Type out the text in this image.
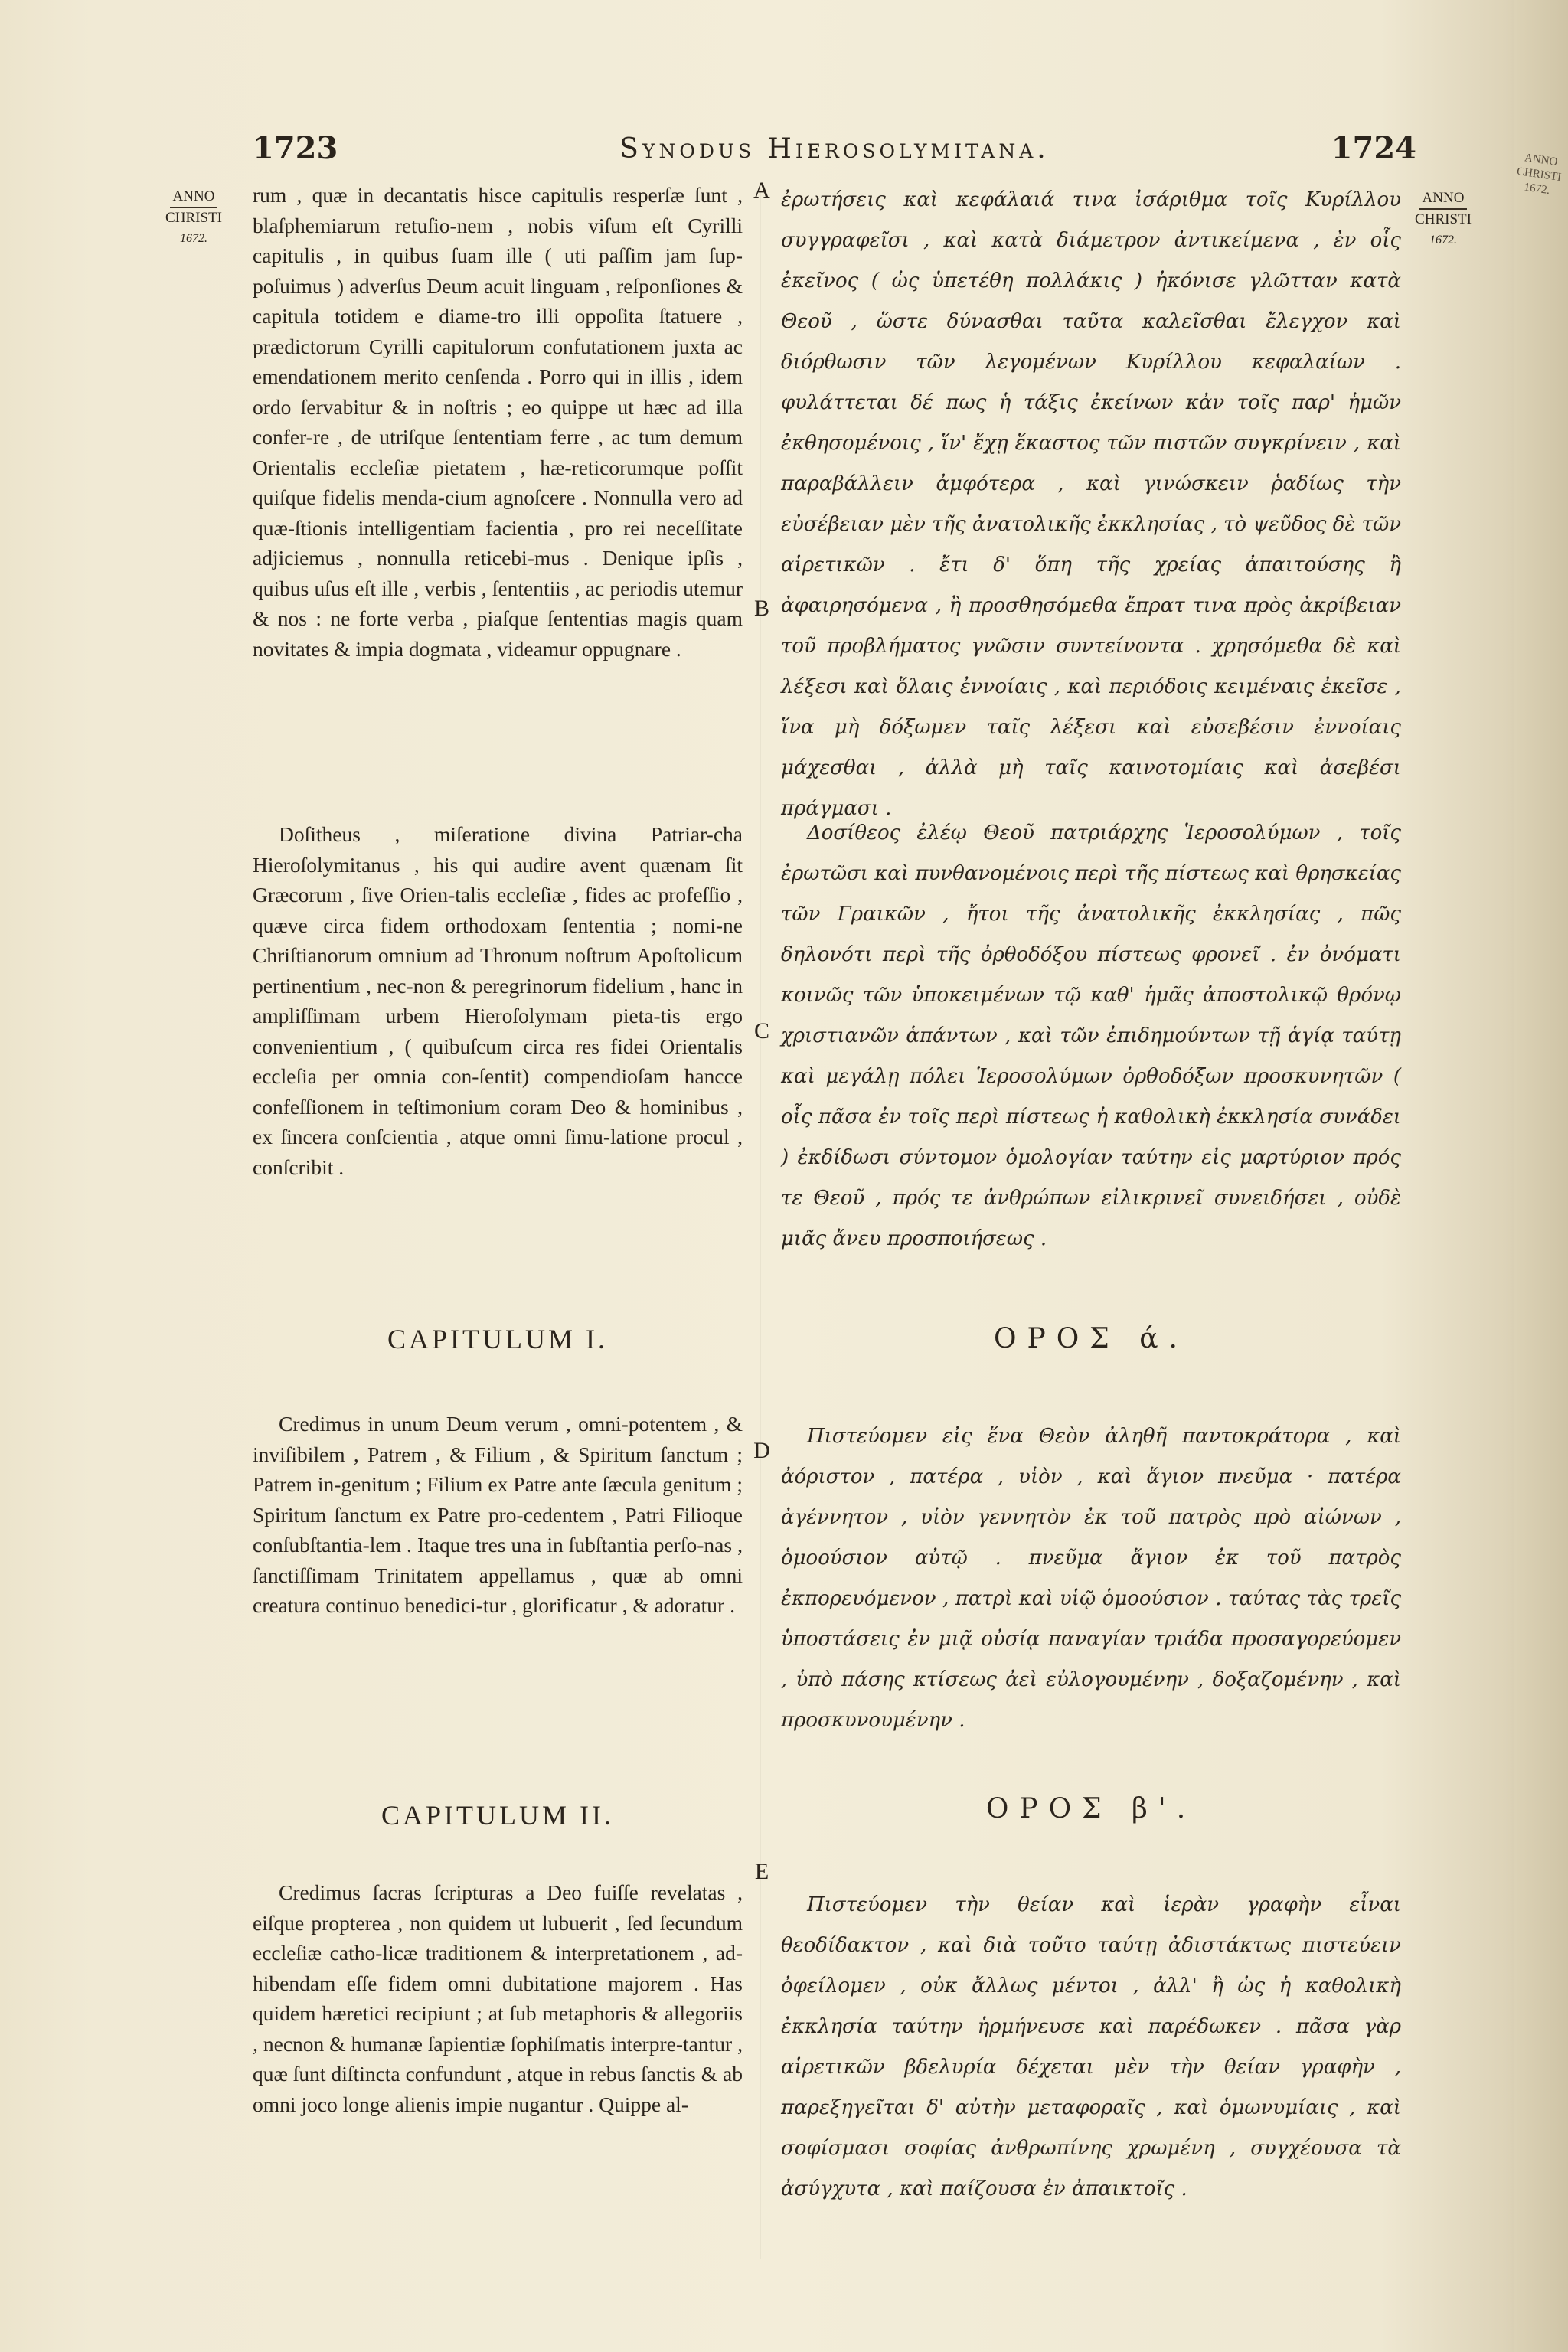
1723	Synodus Hierosolymitana.	1724
ANNO
CHRISTI
1672.
ANNO
CHRISTI
1672.
ANNO
CHRISTI
1672.
A
B
C
D
E

rum , quæ in decantatis hisce capitulis resperſæ ſunt , blaſphemiarum retuſio-nem , nobis viſum eſt Cyrilli capitulis , in quibus ſuam ille ( uti paſſim jam ſup-poſuimus ) adverſus Deum acuit linguam , reſponſiones & capitula totidem e diame-tro illi oppoſita ſtatuere , prædictorum Cyrilli capitulorum confutationem juxta ac emendationem merito cenſenda . Porro qui in illis , idem ordo ſervabitur & in noſtris ; eo quippe ut hæc ad illa confer-re , de utriſque ſententiam ferre , ac tum demum Orientalis eccleſiæ pietatem , hæ-reticorumque poſſit quiſque fidelis menda-cium agnoſcere . Nonnulla vero ad quæ-ſtionis intelligentiam facientia , pro rei neceſſitate adjiciemus , nonnulla reticebi-mus . Denique ipſis , quibus uſus eſt ille , verbis , ſententiis , ac periodis utemur & nos : ne forte verba , piaſque ſententias magis quam novitates & impia dogmata , videamur oppugnare .

Doſitheus , miſeratione divina Patriar-cha Hieroſolymitanus , his qui audire avent quænam ſit Græcorum , ſive Orien-talis eccleſiæ , fides ac profeſſio , quæve circa fidem orthodoxam ſententia ; nomi-ne Chriſtianorum omnium ad Thronum noſtrum Apoſtolicum pertinentium , nec-non & peregrinorum fidelium , hanc in ampliſſimam urbem Hieroſolymam pieta-tis ergo convenientium , ( quibuſcum circa res fidei Orientalis eccleſia per omnia con-ſentit) compendioſam hancce confeſſionem in teſtimonium coram Deo & hominibus , ex ſincera conſcientia , atque omni ſimu-latione procul , conſcribit .

CAPITULUM I.

Credimus in unum Deum verum , omni-potentem , & inviſibilem , Patrem , & Filium , & Spiritum ſanctum ; Patrem in-genitum ; Filium ex Patre ante ſæcula genitum ; Spiritum ſanctum ex Patre pro-cedentem , Patri Filioque conſubſtantia-lem . Itaque tres una in ſubſtantia perſo-nas , ſanctiſſimam Trinitatem appellamus , quæ ab omni creatura continuo benedici-tur , glorificatur , & adoratur .

CAPITULUM II.

Credimus ſacras ſcripturas a Deo fuiſſe revelatas , eiſque propterea , non quidem ut lubuerit , ſed ſecundum eccleſiæ catho-licæ traditionem & interpretationem , ad-hibendam eſſe fidem omni dubitatione majorem . Has quidem hæretici recipiunt ; at ſub metaphoris & allegoriis , necnon & humanæ ſapientiæ ſophiſmatis interpre-tantur , quæ ſunt diſtincta confundunt , atque in rebus ſanctis & ab omni joco longe alienis impie nugantur . Quippe al-

ἐρωτήσεις καὶ κεφάλαιά τινα ἰσάριθμα τοῖς Κυρίλλου συγγραφεῖσι , καὶ κατὰ διάμετρον ἀντικείμενα , ἐν οἷς ἐκεῖνος ( ὡς ὑπετέθη πολλάκις ) ἠκόνισε γλῶτταν κατὰ Θεοῦ , ὥστε δύνασθαι ταῦτα καλεῖσθαι ἔλεγχον καὶ διόρθωσιν τῶν λεγομένων Κυρίλλου κεφαλαίων . φυλάττεται δέ πως ἡ τάξις ἐκείνων κἀν τοῖς παρ' ἡμῶν ἐκθησομένοις , ἵν' ἔχῃ ἕκαστος τῶν πιστῶν συγκρίνειν , καὶ παραβάλλειν ἀμφότερα , καὶ γινώσκειν ῥαδίως τὴν εὐσέβειαν μὲν τῆς ἀνατολικῆς ἐκκλησίας , τὸ ψεῦδος δὲ τῶν αἱρετικῶν . ἔτι δ' ὅπη τῆς χρείας ἀπαιτούσης ἢ ἀφαιρησόμενα , ἢ προσθησόμεθα ἔπρατ τινα πρὸς ἀκρίβειαν τοῦ προβλήματος γνῶσιν συντείνοντα . χρησόμεθα δὲ καὶ λέξεσι καὶ ὅλαις ἐννοίαις , καὶ περιόδοις κειμέναις ἐκεῖσε , ἵνα μὴ δόξωμεν ταῖς λέξεσι καὶ εὐσεβέσιν ἐννοίαις μάχεσθαι , ἀλλὰ μὴ ταῖς καινοτομίαις καὶ ἀσεβέσι πράγμασι .

Δοσίθεος ἐλέῳ Θεοῦ πατριάρχης Ἱεροσολύμων , τοῖς ἐρωτῶσι καὶ πυνθανομένοις περὶ τῆς πίστεως καὶ θρησκείας τῶν Γραικῶν , ἤτοι τῆς ἀνατολικῆς ἐκκλησίας , πῶς δηλονότι περὶ τῆς ὀρθοδόξου πίστεως φρονεῖ . ἐν ὀνόματι κοινῶς τῶν ὑποκειμένων τῷ καθ' ἡμᾶς ἀποστολικῷ θρόνῳ χριστιανῶν ἁπάντων , καὶ τῶν ἐπιδημούντων τῇ ἁγίᾳ ταύτῃ καὶ μεγάλῃ πόλει Ἱεροσολύμων ὀρθοδόξων προσκυνητῶν ( οἷς πᾶσα ἐν τοῖς περὶ πίστεως ἡ καθολικὴ ἐκκλησία συνάδει ) ἐκδίδωσι σύντομον ὁμολογίαν ταύτην εἰς μαρτύριον πρός τε Θεοῦ , πρός τε ἀνθρώπων εἰλικρινεῖ συνειδήσει , οὐδὲ μιᾶς ἄνευ προσποιήσεως .

ΟΡΟΣ ά.

Πιστεύομεν εἰς ἕνα Θεὸν ἀληθῆ παντοκράτορα , καὶ ἀόριστον , πατέρα , υἱὸν , καὶ ἅγιον πνεῦμα · πατέρα ἀγέννητον , υἱὸν γεννητὸν ἐκ τοῦ πατρὸς πρὸ αἰώνων , ὁμοούσιον αὐτῷ . πνεῦμα ἅγιον ἐκ τοῦ πατρὸς ἐκπορευόμενον , πατρὶ καὶ υἱῷ ὁμοούσιον . ταύτας τὰς τρεῖς ὑποστάσεις ἐν μιᾷ οὐσίᾳ παναγίαν τριάδα προσαγορεύομεν , ὑπὸ πάσης κτίσεως ἀεὶ εὐλογουμένην , δοξαζομένην , καὶ προσκυνουμένην .

ΟΡΟΣ β'.

Πιστεύομεν τὴν θείαν καὶ ἱερὰν γραφὴν εἶναι θεοδίδακτον , καὶ διὰ τοῦτο ταύτῃ ἀδιστάκτως πιστεύειν ὀφείλομεν , οὐκ ἄλλως μέντοι , ἀλλ' ἢ ὡς ἡ καθολικὴ ἐκκλησία ταύτην ἡρμήνευσε καὶ παρέδωκεν . πᾶσα γὰρ αἱρετικῶν βδελυρία δέχεται μὲν τὴν θείαν γραφὴν , παρεξηγεῖται δ' αὐτὴν μεταφοραῖς , καὶ ὁμωνυμίαις , καὶ σοφίσμασι σοφίας ἀνθρωπίνης χρωμένη , συγχέουσα τὰ ἀσύγχυτα , καὶ παίζουσα ἐν ἀπαικτοῖς .
